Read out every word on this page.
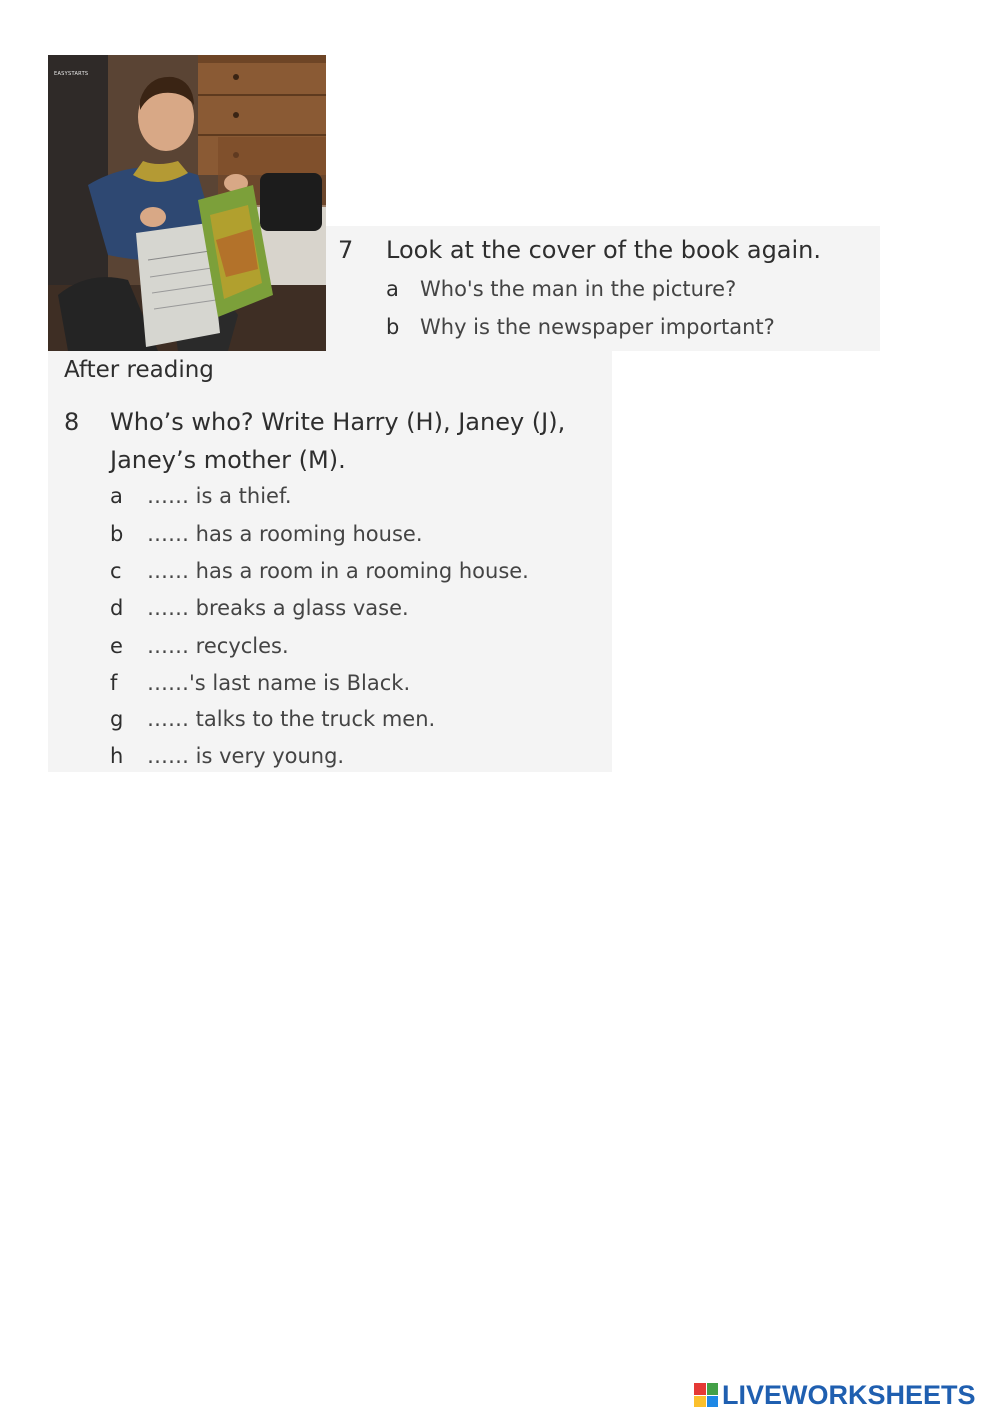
EASYSTARTS
7 Look at the cover of the book again.
a Who's the man in the picture?
b Why is the newspaper important?
After reading
8 Who’s who? Write Harry (H), Janey (J),
Janey’s mother (M).
a …… is a thief.
b …… has a rooming house.
c …… has a room in a rooming house.
d …… breaks a glass vase.
e …… recycles.
f ……'s last name is Black.
g …… talks to the truck men.
h …… is very young.
LIVEWORKSHEETS
